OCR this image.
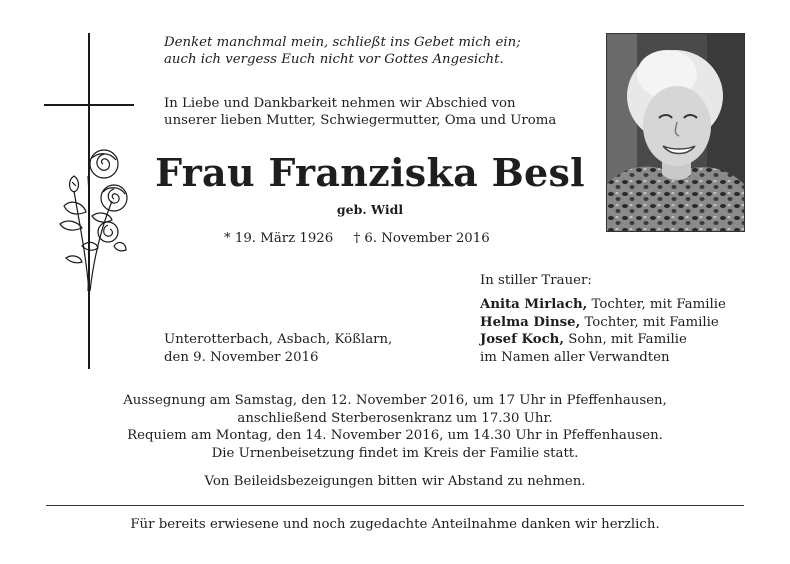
Denket manchmal mein, schließt ins Gebet mich ein;
auch ich vergess Euch nicht vor Gottes Angesicht.
In Liebe und Dankbarkeit nehmen wir Abschied von
unserer lieben Mutter, Schwiegermutter, Oma und Uroma
Frau Franziska Besl
geb. Widl
* 19. März 1926 † 6. November 2016
In stiller Trauer:
Anita Mirlach, Tochter, mit Familie
Helma Dinse, Tochter, mit Familie
Josef Koch, Sohn, mit Familie
im Namen aller Verwandten
Unterotterbach, Asbach, Kößlarn,
den 9. November 2016
Aussegnung am Samstag, den 12. November 2016, um 17 Uhr in Pfeffenhausen,
anschließend Sterberosenkranz um 17.30 Uhr.
Requiem am Montag, den 14. November 2016, um 14.30 Uhr in Pfeffenhausen.
Die Urnenbeisetzung findet im Kreis der Familie statt.
Von Beileidsbezeigungen bitten wir Abstand zu nehmen.
Für bereits erwiesene und noch zugedachte Anteilnahme danken wir herzlich.
